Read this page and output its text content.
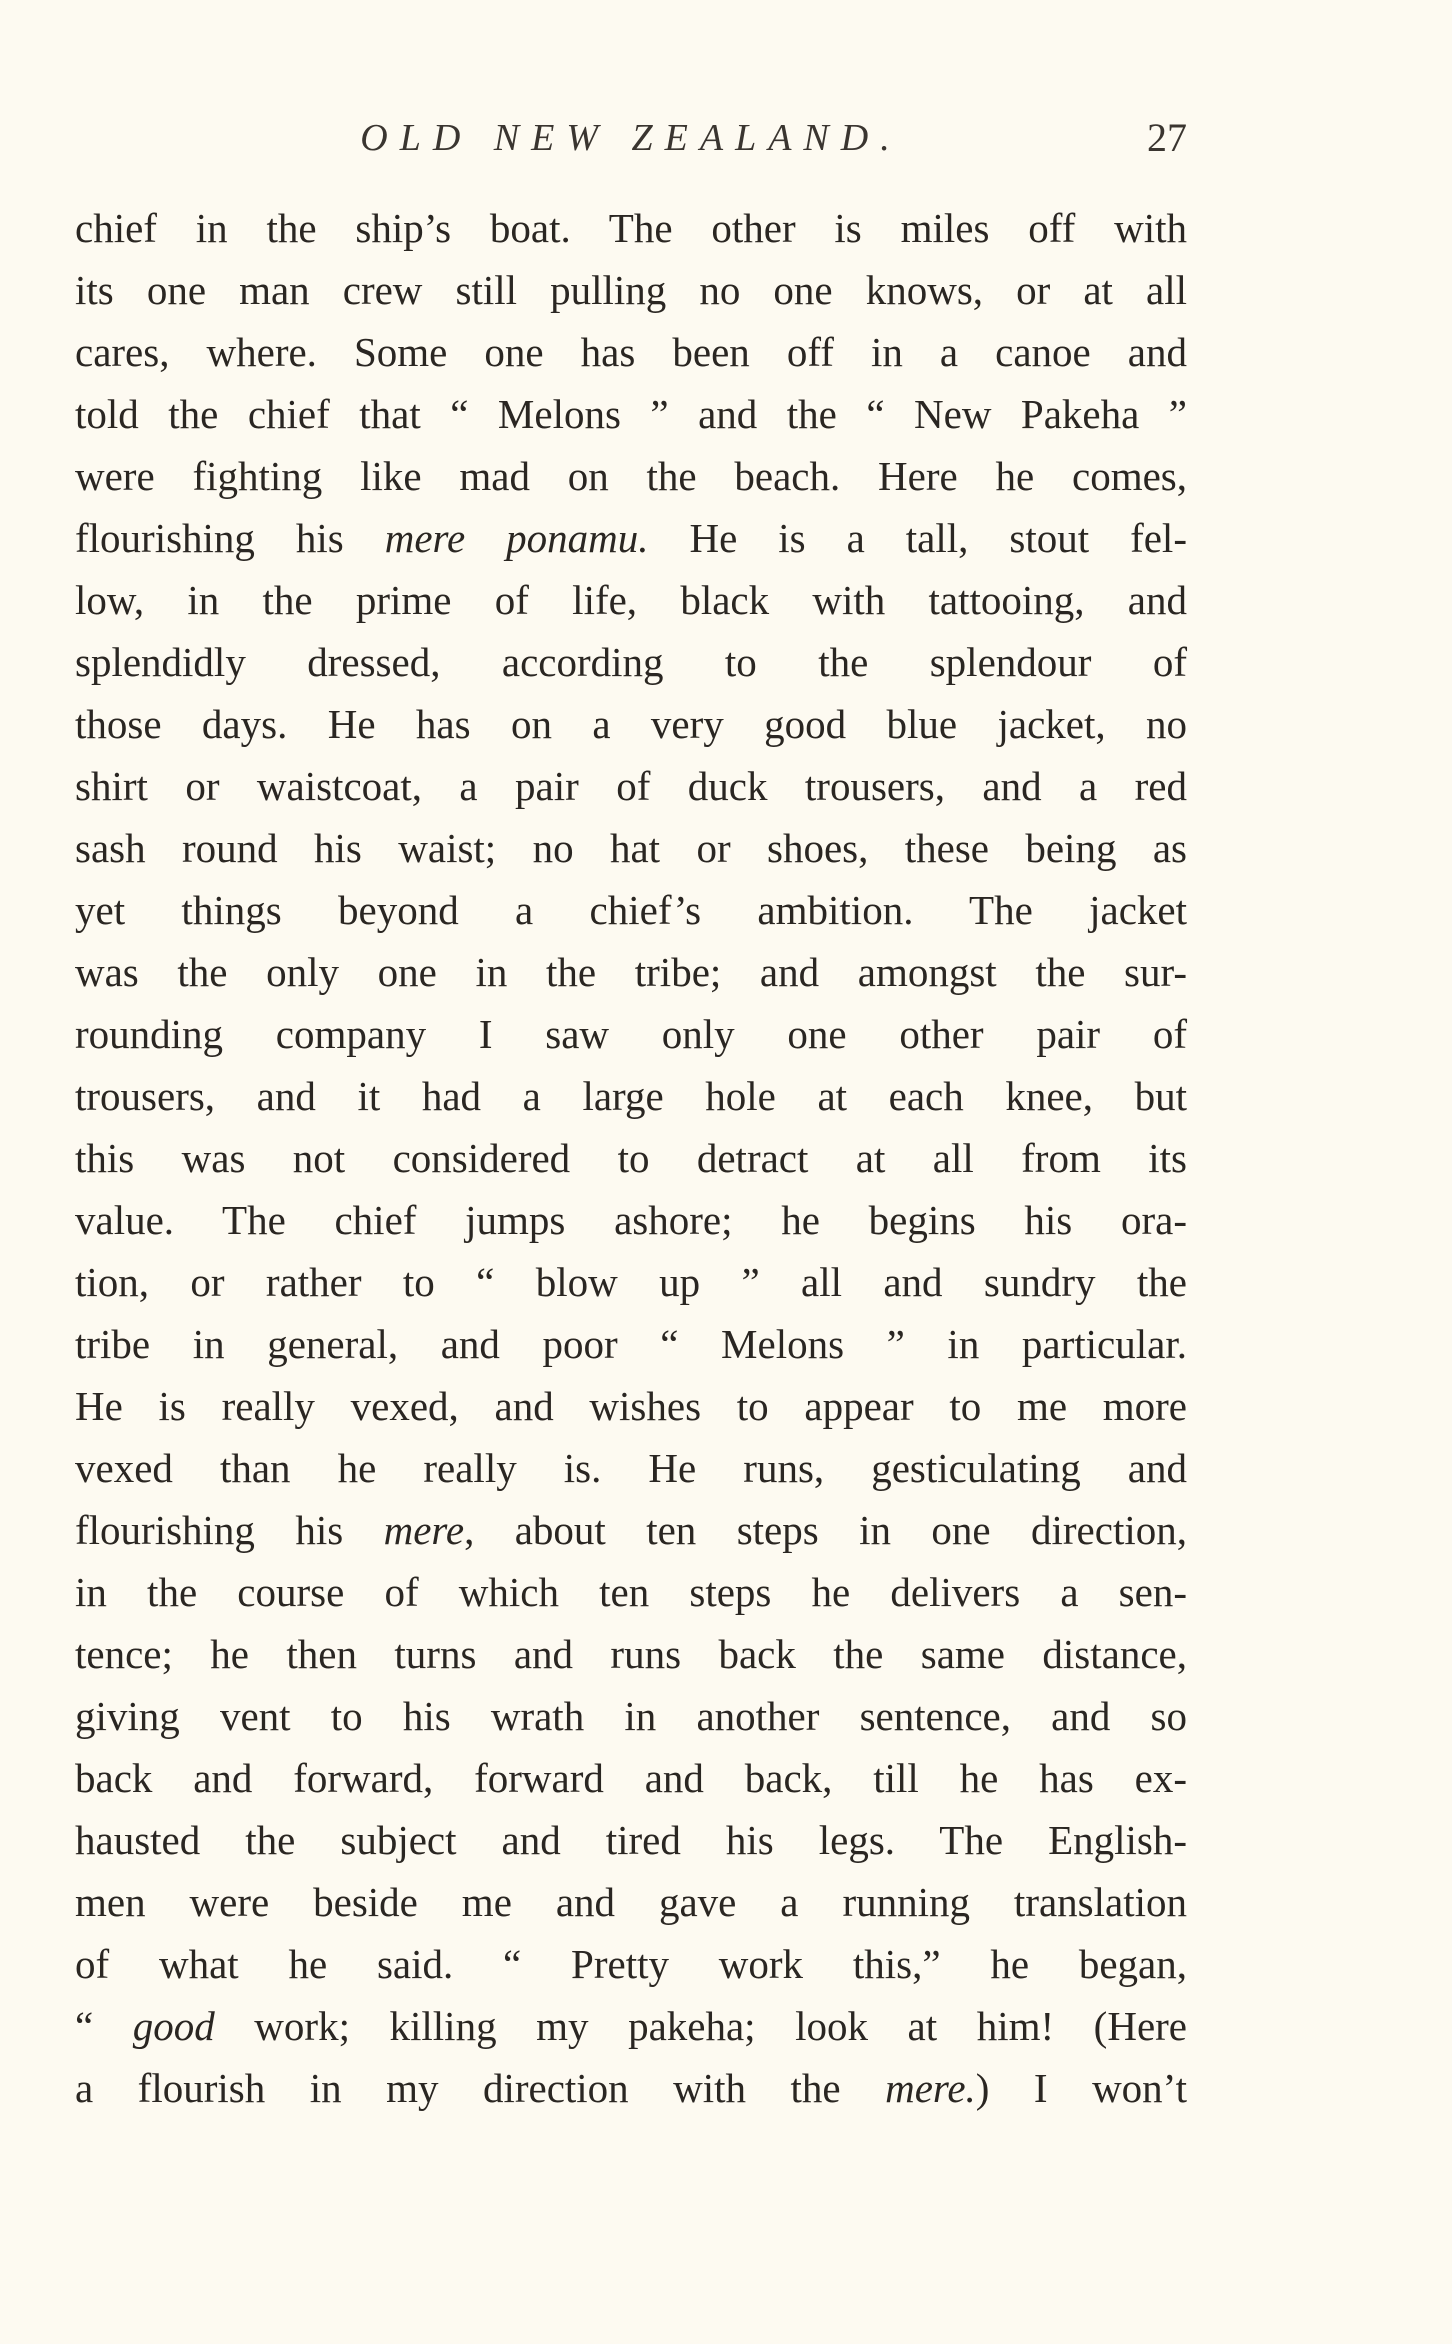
OLD NEW ZEALAND.	27
chief in the ship’s boat. The other is miles off with
its one man crew still pulling no one knows, or at all
cares, where. Some one has been off in a canoe and
told the chief that “ Melons ” and the “ New Pakeha ”
were fighting like mad on the beach. Here he comes,
flourishing his mere ponamu. He is a tall, stout fel-
low, in the prime of life, black with tattooing, and
splendidly dressed, according to the splendour of
those days. He has on a very good blue jacket, no
shirt or waistcoat, a pair of duck trousers, and a red
sash round his waist; no hat or shoes, these being as
yet things beyond a chief’s ambition. The jacket
was the only one in the tribe; and amongst the sur-
rounding company I saw only one other pair of
trousers, and it had a large hole at each knee, but
this was not considered to detract at all from its
value. The chief jumps ashore; he begins his ora-
tion, or rather to “ blow up ” all and sundry the
tribe in general, and poor “ Melons ” in particular.
He is really vexed, and wishes to appear to me more
vexed than he really is. He runs, gesticulating and
flourishing his mere, about ten steps in one direction,
in the course of which ten steps he delivers a sen-
tence; he then turns and runs back the same distance,
giving vent to his wrath in another sentence, and so
back and forward, forward and back, till he has ex-
hausted the subject and tired his legs. The English-
men were beside me and gave a running translation
of what he said. “ Pretty work this,” he began,
“ good work; killing my pakeha; look at him! (Here
a flourish in my direction with the mere.) I won’t
